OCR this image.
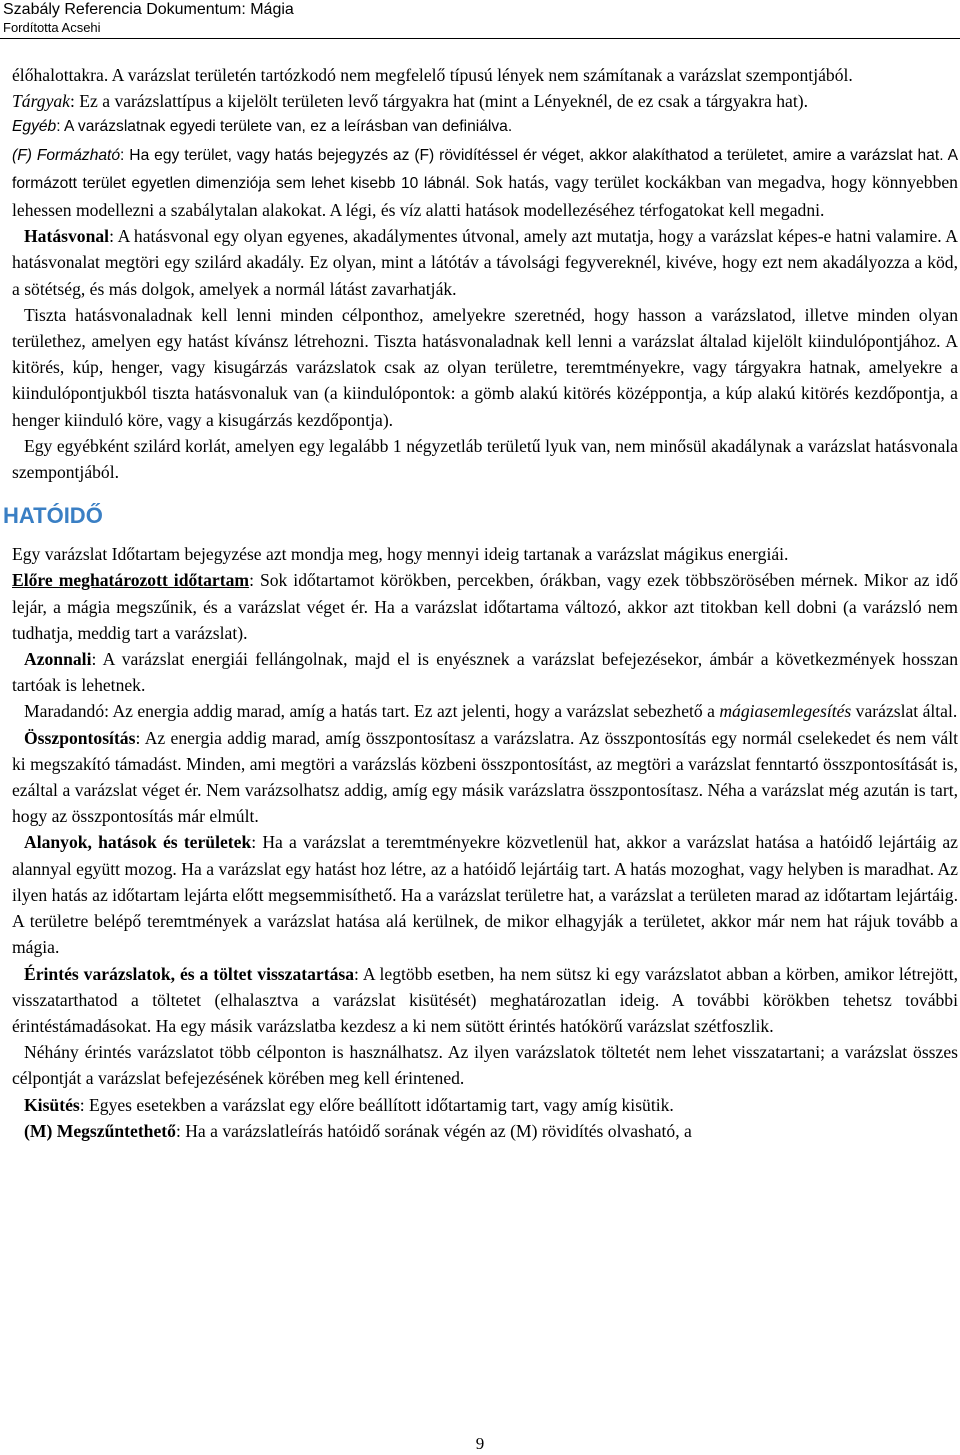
Szabály Referencia Dokumentum: Mágia
Fordította Acsehi

élőhalottakra. A varázslat területén tartózkodó nem megfelelő típusú lények nem számítanak a varázslat szempontjából.

Tárgyak: Ez a varázslattípus a kijelölt területen levő tárgyakra hat (mint a Lényeknél, de ez csak a tárgyakra hat).

Egyéb: A varázslatnak egyedi területe van, ez a leírásban van definiálva.

(F) Formázható: Ha egy terület, vagy hatás bejegyzés az (F) rövidítéssel ér véget, akkor alakíthatod a területet, amire a varázslat hat. A formázott terület egyetlen dimenziója sem lehet kisebb 10 lábnál. Sok hatás, vagy terület kockákban van megadva, hogy könnyebben lehessen modellezni a szabálytalan alakokat. A légi, és víz alatti hatások modellezéséhez térfogatokat kell megadni.

Hatásvonal: A hatásvonal egy olyan egyenes, akadálymentes útvonal, amely azt mutatja, hogy a varázslat képes-e hatni valamire. A hatásvonalat megtöri egy szilárd akadály. Ez olyan, mint a látótáv a távolsági fegyvereknél, kivéve, hogy ezt nem akadályozza a köd, a sötétség, és más dolgok, amelyek a normál látást zavarhatják.

Tiszta hatásvonaladnak kell lenni minden célponthoz, amelyekre szeretnéd, hogy hasson a varázslatod, illetve minden olyan területhez, amelyen egy hatást kívánsz létrehozni. Tiszta hatásvonaladnak kell lenni a varázslat általad kijelölt kiindulópontjához. A kitörés, kúp, henger, vagy kisugárzás varázslatok csak az olyan területre, teremtményekre, vagy tárgyakra hatnak, amelyekre a kiindulópontjukból tiszta hatásvonaluk van (a kiindulópontok: a gömb alakú kitörés középpontja, a kúp alakú kitörés kezdőpontja, a henger kiinduló köre, vagy a kisugárzás kezdőpontja).

Egy egyébként szilárd korlát, amelyen egy legalább 1 négyzetláb területű lyuk van, nem minősül akadálynak a varázslat hatásvonala szempontjából.

HATÓIDŐ

Egy varázslat Időtartam bejegyzése azt mondja meg, hogy mennyi ideig tartanak a varázslat mágikus energiái.

Előre meghatározott időtartam: Sok időtartamot körökben, percekben, órákban, vagy ezek többszörösében mérnek. Mikor az idő lejár, a mágia megszűnik, és a varázslat véget ér. Ha a varázslat időtartama változó, akkor azt titokban kell dobni (a varázsló nem tudhatja, meddig tart a varázslat).

Azonnali: A varázslat energiái fellángolnak, majd el is enyésznek a varázslat befejezésekor, ámbár a következmények hosszan tartóak is lehetnek.

Maradandó: Az energia addig marad, amíg a hatás tart. Ez azt jelenti, hogy a varázslat sebezhető a mágiasemlegesítés varázslat által.

Összpontosítás: Az energia addig marad, amíg összpontosítasz a varázslatra. Az összpontosítás egy normál cselekedet és nem vált ki megszakító támadást. Minden, ami megtöri a varázslás közbeni összpontosítást, az megtöri a varázslat fenntartó összpontosítását is, ezáltal a varázslat véget ér. Nem varázsolhatsz addig, amíg egy másik varázslatra összpontosítasz. Néha a varázslat még azután is tart, hogy az összpontosítás már elmúlt.

Alanyok, hatások és területek: Ha a varázslat a teremtményekre közvetlenül hat, akkor a varázslat hatása a hatóidő lejártáig az alannyal együtt mozog. Ha a varázslat egy hatást hoz létre, az a hatóidő lejártáig tart. A hatás mozoghat, vagy helyben is maradhat. Az ilyen hatás az időtartam lejárta előtt megsemmisíthető. Ha a varázslat területre hat, a varázslat a területen marad az időtartam lejártáig. A területre belépő teremtmények a varázslat hatása alá kerülnek, de mikor elhagyják a területet, akkor már nem hat rájuk tovább a mágia.

Érintés varázslatok, és a töltet visszatartása: A legtöbb esetben, ha nem sütsz ki egy varázslatot abban a körben, amikor létrejött, visszatarthatod a töltetet (elhalasztva a varázslat kisütését) meghatározatlan ideig. A további körökben tehetsz további érintéstámadásokat. Ha egy másik varázslatba kezdesz a ki nem sütött érintés hatókörű varázslat szétfoszlik.

Néhány érintés varázslatot több célponton is használhatsz. Az ilyen varázslatok töltetét nem lehet visszatartani; a varázslat összes célpontját a varázslat befejezésének körében meg kell érintened.

Kisütés: Egyes esetekben a varázslat egy előre beállított időtartamig tart, vagy amíg kisütik.

(M) Megszűntethető: Ha a varázslatleírás hatóidő sorának végén az (M) rövidítés olvasható, a

9
